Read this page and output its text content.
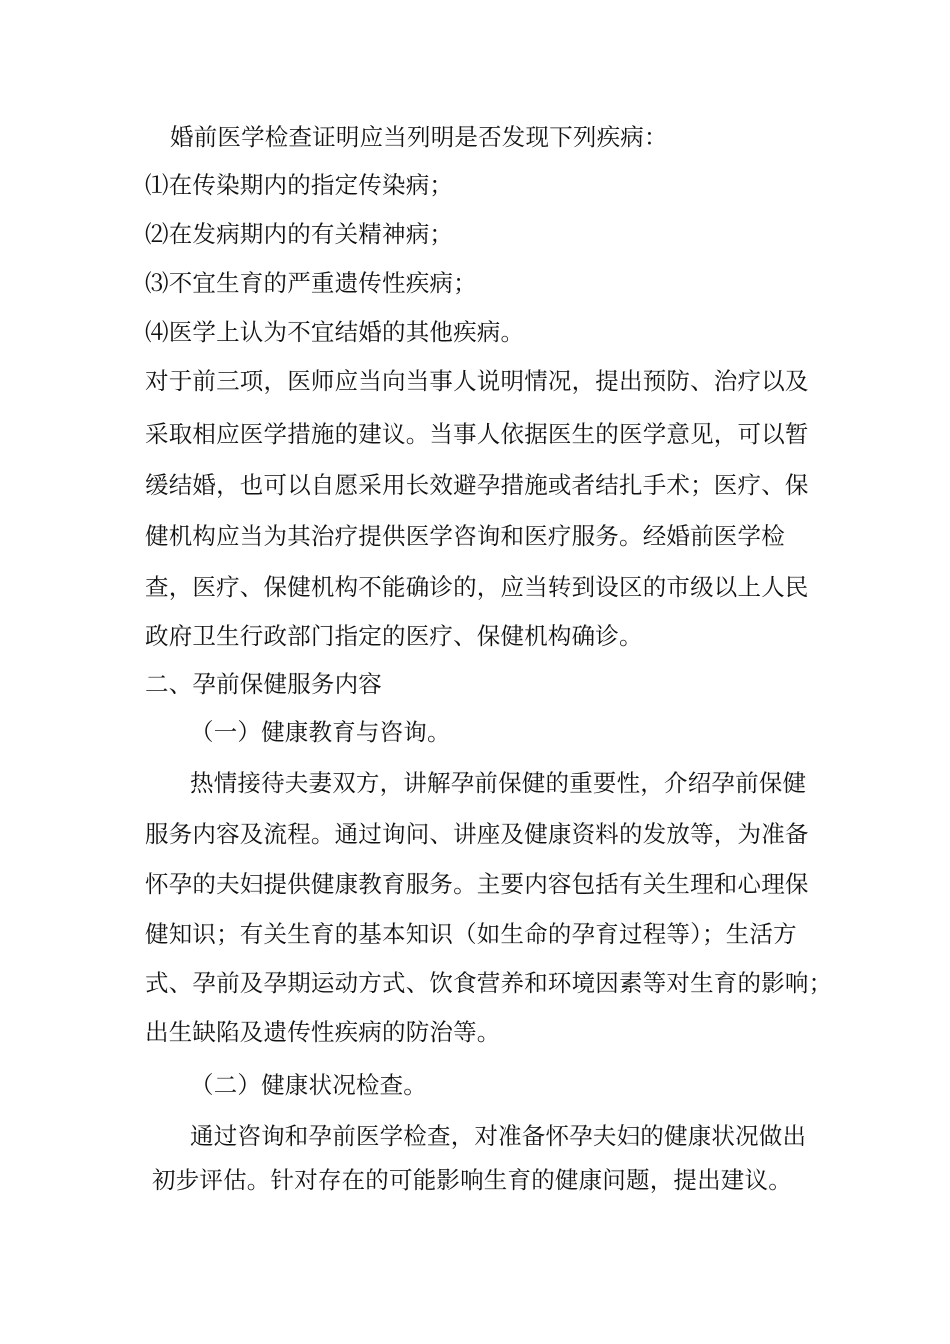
婚前医学检查证明应当列明是否发现下列疾病：
⑴在传染期内的指定传染病；
⑵在发病期内的有关精神病；
⑶不宜生育的严重遗传性疾病；
⑷医学上认为不宜结婚的其他疾病。
对于前三项，医师应当向当事人说明情况，提出预防、治疗以及
采取相应医学措施的建议。当事人依据医生的医学意见，可以暂
缓结婚，也可以自愿采用长效避孕措施或者结扎手术；医疗、保
健机构应当为其治疗提供医学咨询和医疗服务。经婚前医学检
查，医疗、保健机构不能确诊的，应当转到设区的市级以上人民
政府卫生行政部门指定的医疗、保健机构确诊。
二、孕前保健服务内容
（一）健康教育与咨询。
热情接待夫妻双方，讲解孕前保健的重要性，介绍孕前保健
服务内容及流程。通过询问、讲座及健康资料的发放等，为准备
怀孕的夫妇提供健康教育服务。主要内容包括有关生理和心理保
健知识；有关生育的基本知识（如生命的孕育过程等）；生活方
式、孕前及孕期运动方式、饮食营养和环境因素等对生育的影响；
出生缺陷及遗传性疾病的防治等。
（二）健康状况检查。
通过咨询和孕前医学检查，对准备怀孕夫妇的健康状况做出
初步评估。针对存在的可能影响生育的健康问题，提出建议。
